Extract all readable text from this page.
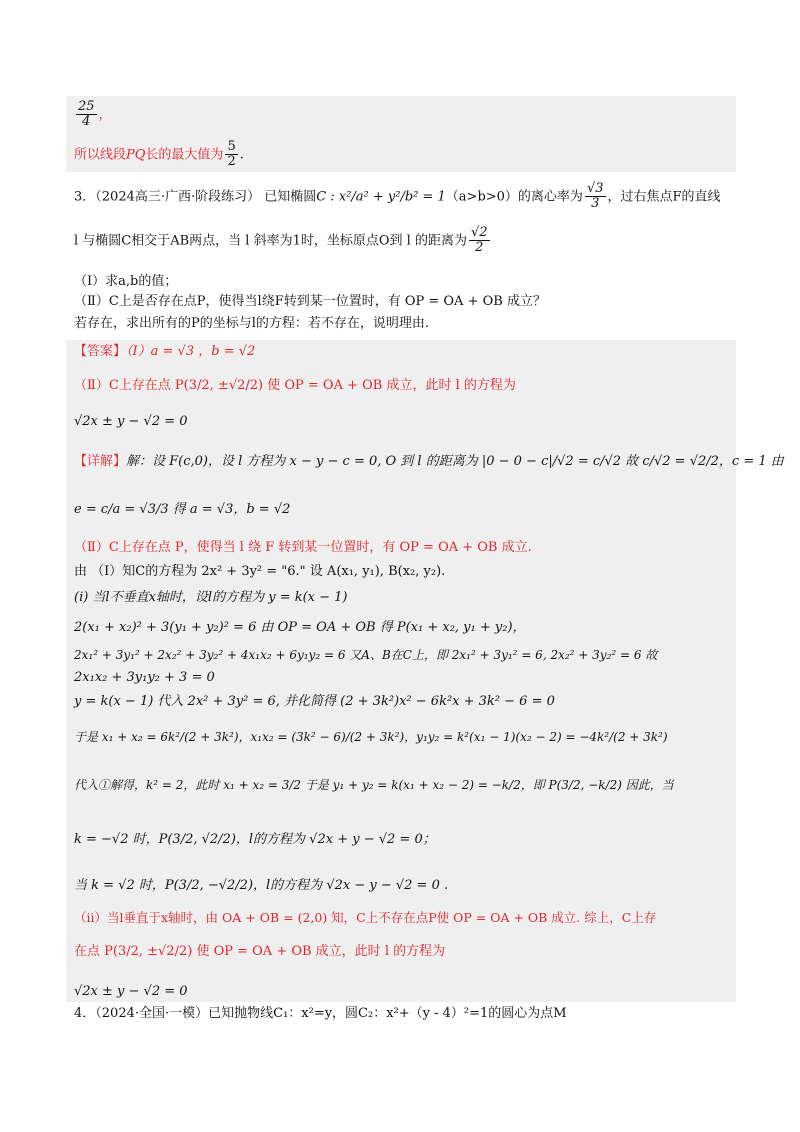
$\frac{25}{4}$ ，
所以线段PQ长的最大值为 $\frac{5}{2}$ .
3．（2024高三·广西·阶段练习） 已知椭圆C : x²/a² + y²/b² = 1（a>b>0）的离心率为 $\frac{√3}{3}$ ，过右焦点F的直线
l 与椭圆C相交于AB两点，当 l 斜率为1时，坐标原点O到 l 的距离为 $\frac{√2}{2}$
（Ⅰ）求a,b的值；
（Ⅱ）C上是否存在点P，使得当l绕F转到某一位置时，有 OP = OA + OB 成立？
若存在，求出所有的P的坐标与l的方程：若不存在，说明理由.
【答案】（Ⅰ）a = √3 ，b = √2
（Ⅱ）C上存在点 P(3/2, ±√2/2) 使 OP = OA + OB 成立，此时 l 的方程为
√2x ± y − √2 = 0
【详解】解：设 F(c,0)，设 l 方程为 x − y − c = 0, O 到 l 的距离为 |0 − 0 − c|/√2 = c/√2 故 c/√2 = √2/2，c = 1 由
e = c/a = √3/3 得 a = √3，b = √2
（Ⅱ）C上存在点 P，使得当 l 绕 F 转到某一位置时，有 OP = OA + OB 成立.
由 （Ⅰ）知C的方程为 2x² + 3y² = "6." 设 A(x₁, y₁), B(x₂, y₂).
(i) 当l不垂直x轴时，设l的方程为 y = k(x − 1)
2(x₁ + x₂)² + 3(y₁ + y₂)² = 6 由 OP = OA + OB 得 P(x₁ + x₂, y₁ + y₂)，
2x₁² + 3y₁² + 2x₂² + 3y₂² + 4x₁x₂ + 6y₁y₂ = 6 又A、B在C上，即 2x₁² + 3y₁² = 6, 2x₂² + 3y₂² = 6 故
2x₁x₂ + 3y₁y₂ + 3 = 0
y = k(x − 1) 代入 2x² + 3y² = 6, 并化简得 (2 + 3k²)x² − 6k²x + 3k² − 6 = 0
于是 x₁ + x₂ = 6k²/(2 + 3k²)，x₁x₂ = (3k² − 6)/(2 + 3k²)，y₁y₂ = k²(x₁ − 1)(x₂ − 2) = −4k²/(2 + 3k²)
代入①解得，k² = 2，此时 x₁ + x₂ = 3/2 于是 y₁ + y₂ = k(x₁ + x₂ − 2) = −k/2，即 P(3/2, −k/2) 因此，当
k = −√2 时，P(3/2, √2/2)，l的方程为 √2x + y − √2 = 0；
当 k = √2 时，P(3/2, −√2/2)，l的方程为 √2x − y − √2 = 0 .
（ⅱ）当l垂直于x轴时，由 OA + OB = (2,0) 知，C上不存在点P使 OP = OA + OB 成立. 综上，C上存
在点 P(3/2, ±√2/2) 使 OP = OA + OB 成立，此时 l 的方程为
√2x ± y − √2 = 0
4．（2024·全国·一模）已知抛物线C₁：x²=y，圆C₂：x²+（y - 4）²=1的圆心为点M
